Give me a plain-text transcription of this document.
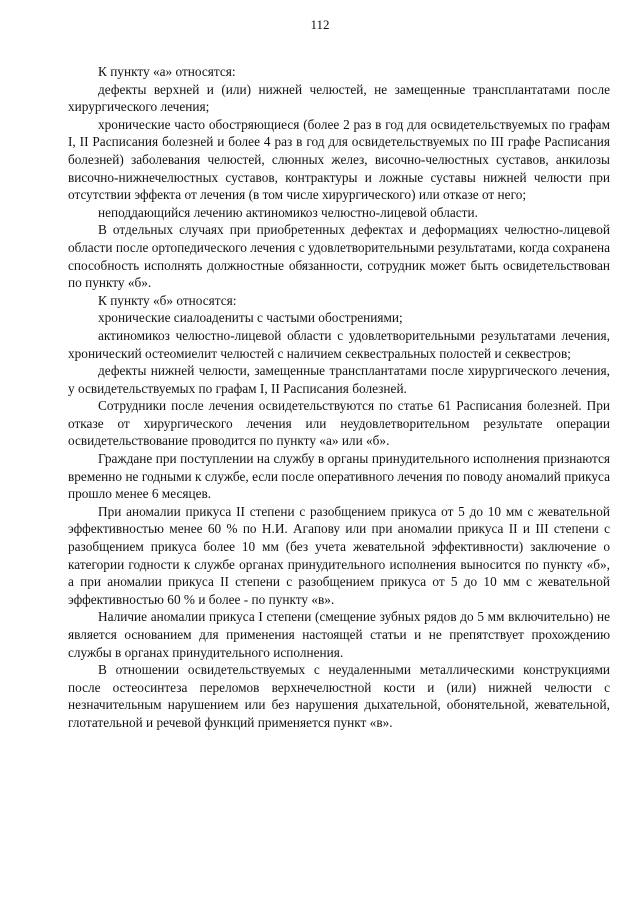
112

К пункту «а» относятся:

дефекты верхней и (или) нижней челюстей, не замещенные трансплантатами после хирургического лечения;

хронические часто обостряющиеся (более 2 раз в год для освидетельствуемых по графам I, II Расписания болезней и более 4 раз в год для освидетельствуемых по III графе Расписания болезней) заболевания челюстей, слюнных желез, височно-челюстных суставов, анкилозы височно-нижнечелюстных суставов, контрактуры и ложные суставы нижней челюсти при отсутствии эффекта от лечения (в том числе хирургического) или отказе от него;

неподдающийся лечению актиномикоз челюстно-лицевой области.

В отдельных случаях при приобретенных дефектах и деформациях челюстно-лицевой области после ортопедического лечения с удовлетворительными результатами, когда сохранена способность исполнять должностные обязанности, сотрудник может быть освидетельствован по пункту «б».

К пункту «б» относятся:

хронические сиалоадениты с частыми обострениями;

актиномикоз челюстно-лицевой области с удовлетворительными результатами лечения, хронический остеомиелит челюстей с наличием секвестральных полостей и секвестров;

дефекты нижней челюсти, замещенные трансплантатами после хирургического лечения, у освидетельствуемых по графам I, II Расписания болезней.

Сотрудники после лечения освидетельствуются по статье 61 Расписания болезней. При отказе от хирургического лечения или неудовлетворительном результате операции освидетельствование проводится по пункту «а» или «б».

Граждане при поступлении на службу в органы принудительного исполнения признаются временно не годными к службе, если после оперативного лечения по поводу аномалий прикуса прошло менее 6 месяцев.

При аномалии прикуса II степени с разобщением прикуса от 5 до 10 мм с жевательной эффективностью менее 60 % по Н.И. Агапову или при аномалии прикуса II и III степени с разобщением прикуса более 10 мм (без учета жевательной эффективности) заключение о категории годности к службе органах принудительного исполнения выносится по пункту «б», а при аномалии прикуса II степени с разобщением прикуса от 5 до 10 мм с жевательной эффективностью 60 % и более - по пункту «в».

Наличие аномалии прикуса I степени (смещение зубных рядов до 5 мм включительно) не является основанием для применения настоящей статьи и не препятствует прохождению службы в органах принудительного исполнения.

В отношении освидетельствуемых с неудаленными металлическими конструкциями после остеосинтеза переломов верхнечелюстной кости и (или) нижней челюсти с незначительным нарушением или без нарушения дыхательной, обонятельной, жевательной, глотательной и речевой функций применяется пункт «в».
